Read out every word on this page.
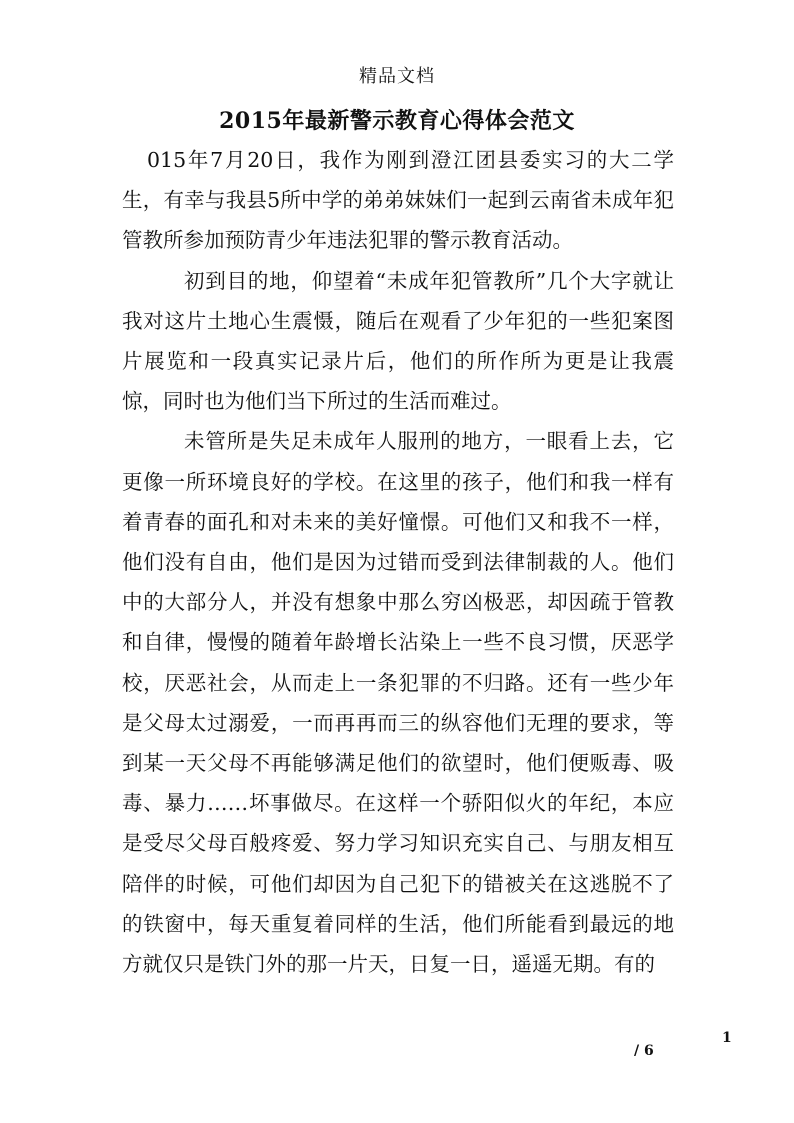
精品文档
2015年最新警示教育心得体会范文

015年7月20日，我作为刚到澄江团县委实习的大二学生，有幸与我县5所中学的弟弟妹妹们一起到云南省未成年犯管教所参加预防青少年违法犯罪的警示教育活动。

初到目的地，仰望着“未成年犯管教所”几个大字就让我对这片土地心生震慑，随后在观看了少年犯的一些犯案图片展览和一段真实记录片后，他们的所作所为更是让我震惊，同时也为他们当下所过的生活而难过。

未管所是失足未成年人服刑的地方，一眼看上去，它更像一所环境良好的学校。在这里的孩子，他们和我一样有着青春的面孔和对未来的美好憧憬。可他们又和我不一样，他们没有自由，他们是因为过错而受到法律制裁的人。他们中的大部分人，并没有想象中那么穷凶极恶，却因疏于管教和自律，慢慢的随着年龄增长沾染上一些不良习惯，厌恶学校，厌恶社会，从而走上一条犯罪的不归路。还有一些少年是父母太过溺爱，一而再再而三的纵容他们无理的要求，等到某一天父母不再能够满足他们的欲望时，他们便贩毒、吸毒、暴力……坏事做尽。在这样一个骄阳似火的年纪，本应是受尽父母百般疼爱、努力学习知识充实自己、与朋友相互陪伴的时候，可他们却因为自己犯下的错被关在这逃脱不了的铁窗中，每天重复着同样的生活，他们所能看到最远的地方就仅只是铁门外的那一片天，日复一日，遥遥无期。有的

1
/ 6
